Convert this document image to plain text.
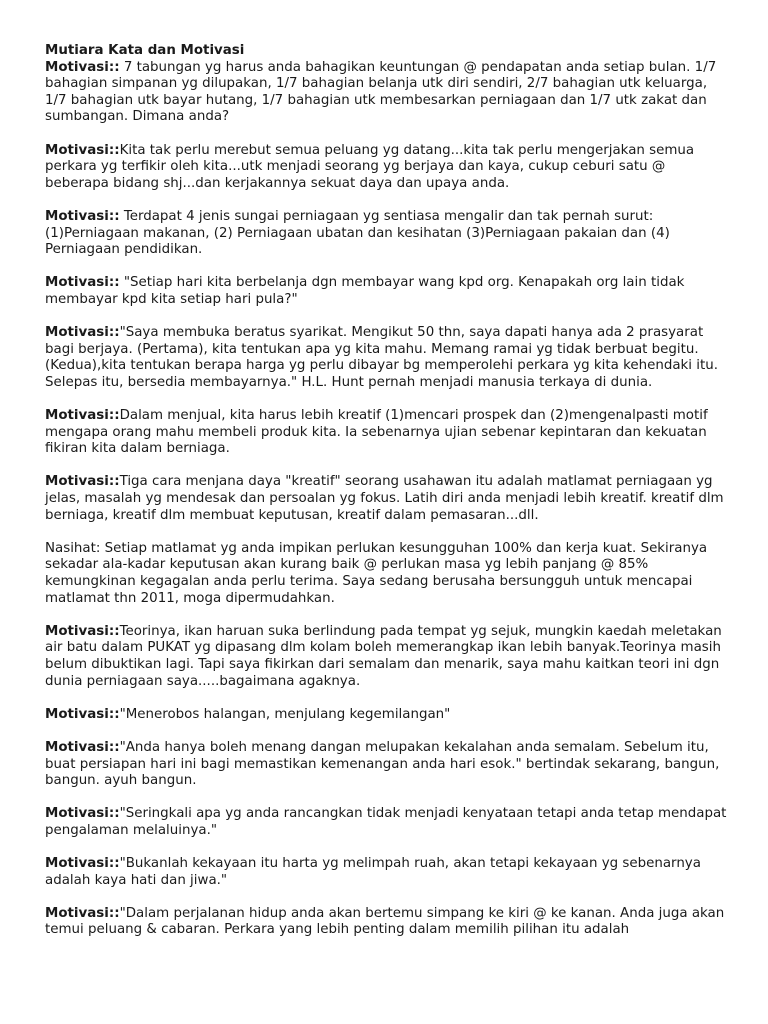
Mutiara Kata dan Motivasi

Motivasi:: 7 tabungan yg harus anda bahagikan keuntungan @ pendapatan anda setiap bulan. 1/7 bahagian simpanan yg dilupakan, 1/7 bahagian belanja utk diri sendiri, 2/7 bahagian utk keluarga, 1/7 bahagian utk bayar hutang, 1/7 bahagian utk membesarkan perniagaan dan 1/7 utk zakat dan sumbangan. Dimana anda?

Motivasi::Kita tak perlu merebut semua peluang yg datang...kita tak perlu mengerjakan semua perkara yg terfikir oleh kita...utk menjadi seorang yg berjaya dan kaya, cukup ceburi satu @ beberapa bidang shj...dan kerjakannya sekuat daya dan upaya anda.

Motivasi:: Terdapat 4 jenis sungai perniagaan yg sentiasa mengalir dan tak pernah surut: (1)Perniagaan makanan, (2) Perniagaan ubatan dan kesihatan (3)Perniagaan pakaian dan (4) Perniagaan pendidikan.

Motivasi:: "Setiap hari kita berbelanja dgn membayar wang kpd org. Kenapakah org lain tidak membayar kpd kita setiap hari pula?"

Motivasi::"Saya membuka beratus syarikat. Mengikut 50 thn, saya dapati hanya ada 2 prasyarat bagi berjaya. (Pertama), kita tentukan apa yg kita mahu. Memang ramai yg tidak berbuat begitu. (Kedua),kita tentukan berapa harga yg perlu dibayar bg memperolehi perkara yg kita kehendaki itu. Selepas itu, bersedia membayarnya." H.L. Hunt pernah menjadi manusia terkaya di dunia.

Motivasi::Dalam menjual, kita harus lebih kreatif (1)mencari prospek dan (2)mengenalpasti motif mengapa orang mahu membeli produk kita. Ia sebenarnya ujian sebenar kepintaran dan kekuatan fikiran kita dalam berniaga.

Motivasi::Tiga cara menjana daya "kreatif" seorang usahawan itu adalah matlamat perniagaan yg jelas, masalah yg mendesak dan persoalan yg fokus. Latih diri anda menjadi lebih kreatif. kreatif dlm berniaga, kreatif dlm membuat keputusan, kreatif dalam pemasaran...dll.

Nasihat: Setiap matlamat yg anda impikan perlukan kesungguhan 100% dan kerja kuat. Sekiranya sekadar ala-kadar keputusan akan kurang baik @ perlukan masa yg lebih panjang @ 85% kemungkinan kegagalan anda perlu terima. Saya sedang berusaha bersungguh untuk mencapai matlamat thn 2011, moga dipermudahkan.

Motivasi::Teorinya, ikan haruan suka berlindung pada tempat yg sejuk, mungkin kaedah meletakan air batu dalam PUKAT yg dipasang dlm kolam boleh memerangkap ikan lebih banyak.Teorinya masih belum dibuktikan lagi. Tapi saya fikirkan dari semalam dan menarik, saya mahu kaitkan teori ini dgn dunia perniagaan saya.....bagaimana agaknya.

Motivasi::"Menerobos halangan, menjulang kegemilangan"

Motivasi::"Anda hanya boleh menang dangan melupakan kekalahan anda semalam. Sebelum itu, buat persiapan hari ini bagi memastikan kemenangan anda hari esok." bertindak sekarang, bangun, bangun. ayuh bangun.

Motivasi::"Seringkali apa yg anda rancangkan tidak menjadi kenyataan tetapi anda tetap mendapat pengalaman melaluinya."

Motivasi::"Bukanlah kekayaan itu harta yg melimpah ruah, akan tetapi kekayaan yg sebenarnya adalah kaya hati dan jiwa."

Motivasi::"Dalam perjalanan hidup anda akan bertemu simpang ke kiri @ ke kanan. Anda juga akan temui peluang & cabaran. Perkara yang lebih penting dalam memilih pilihan itu adalah
